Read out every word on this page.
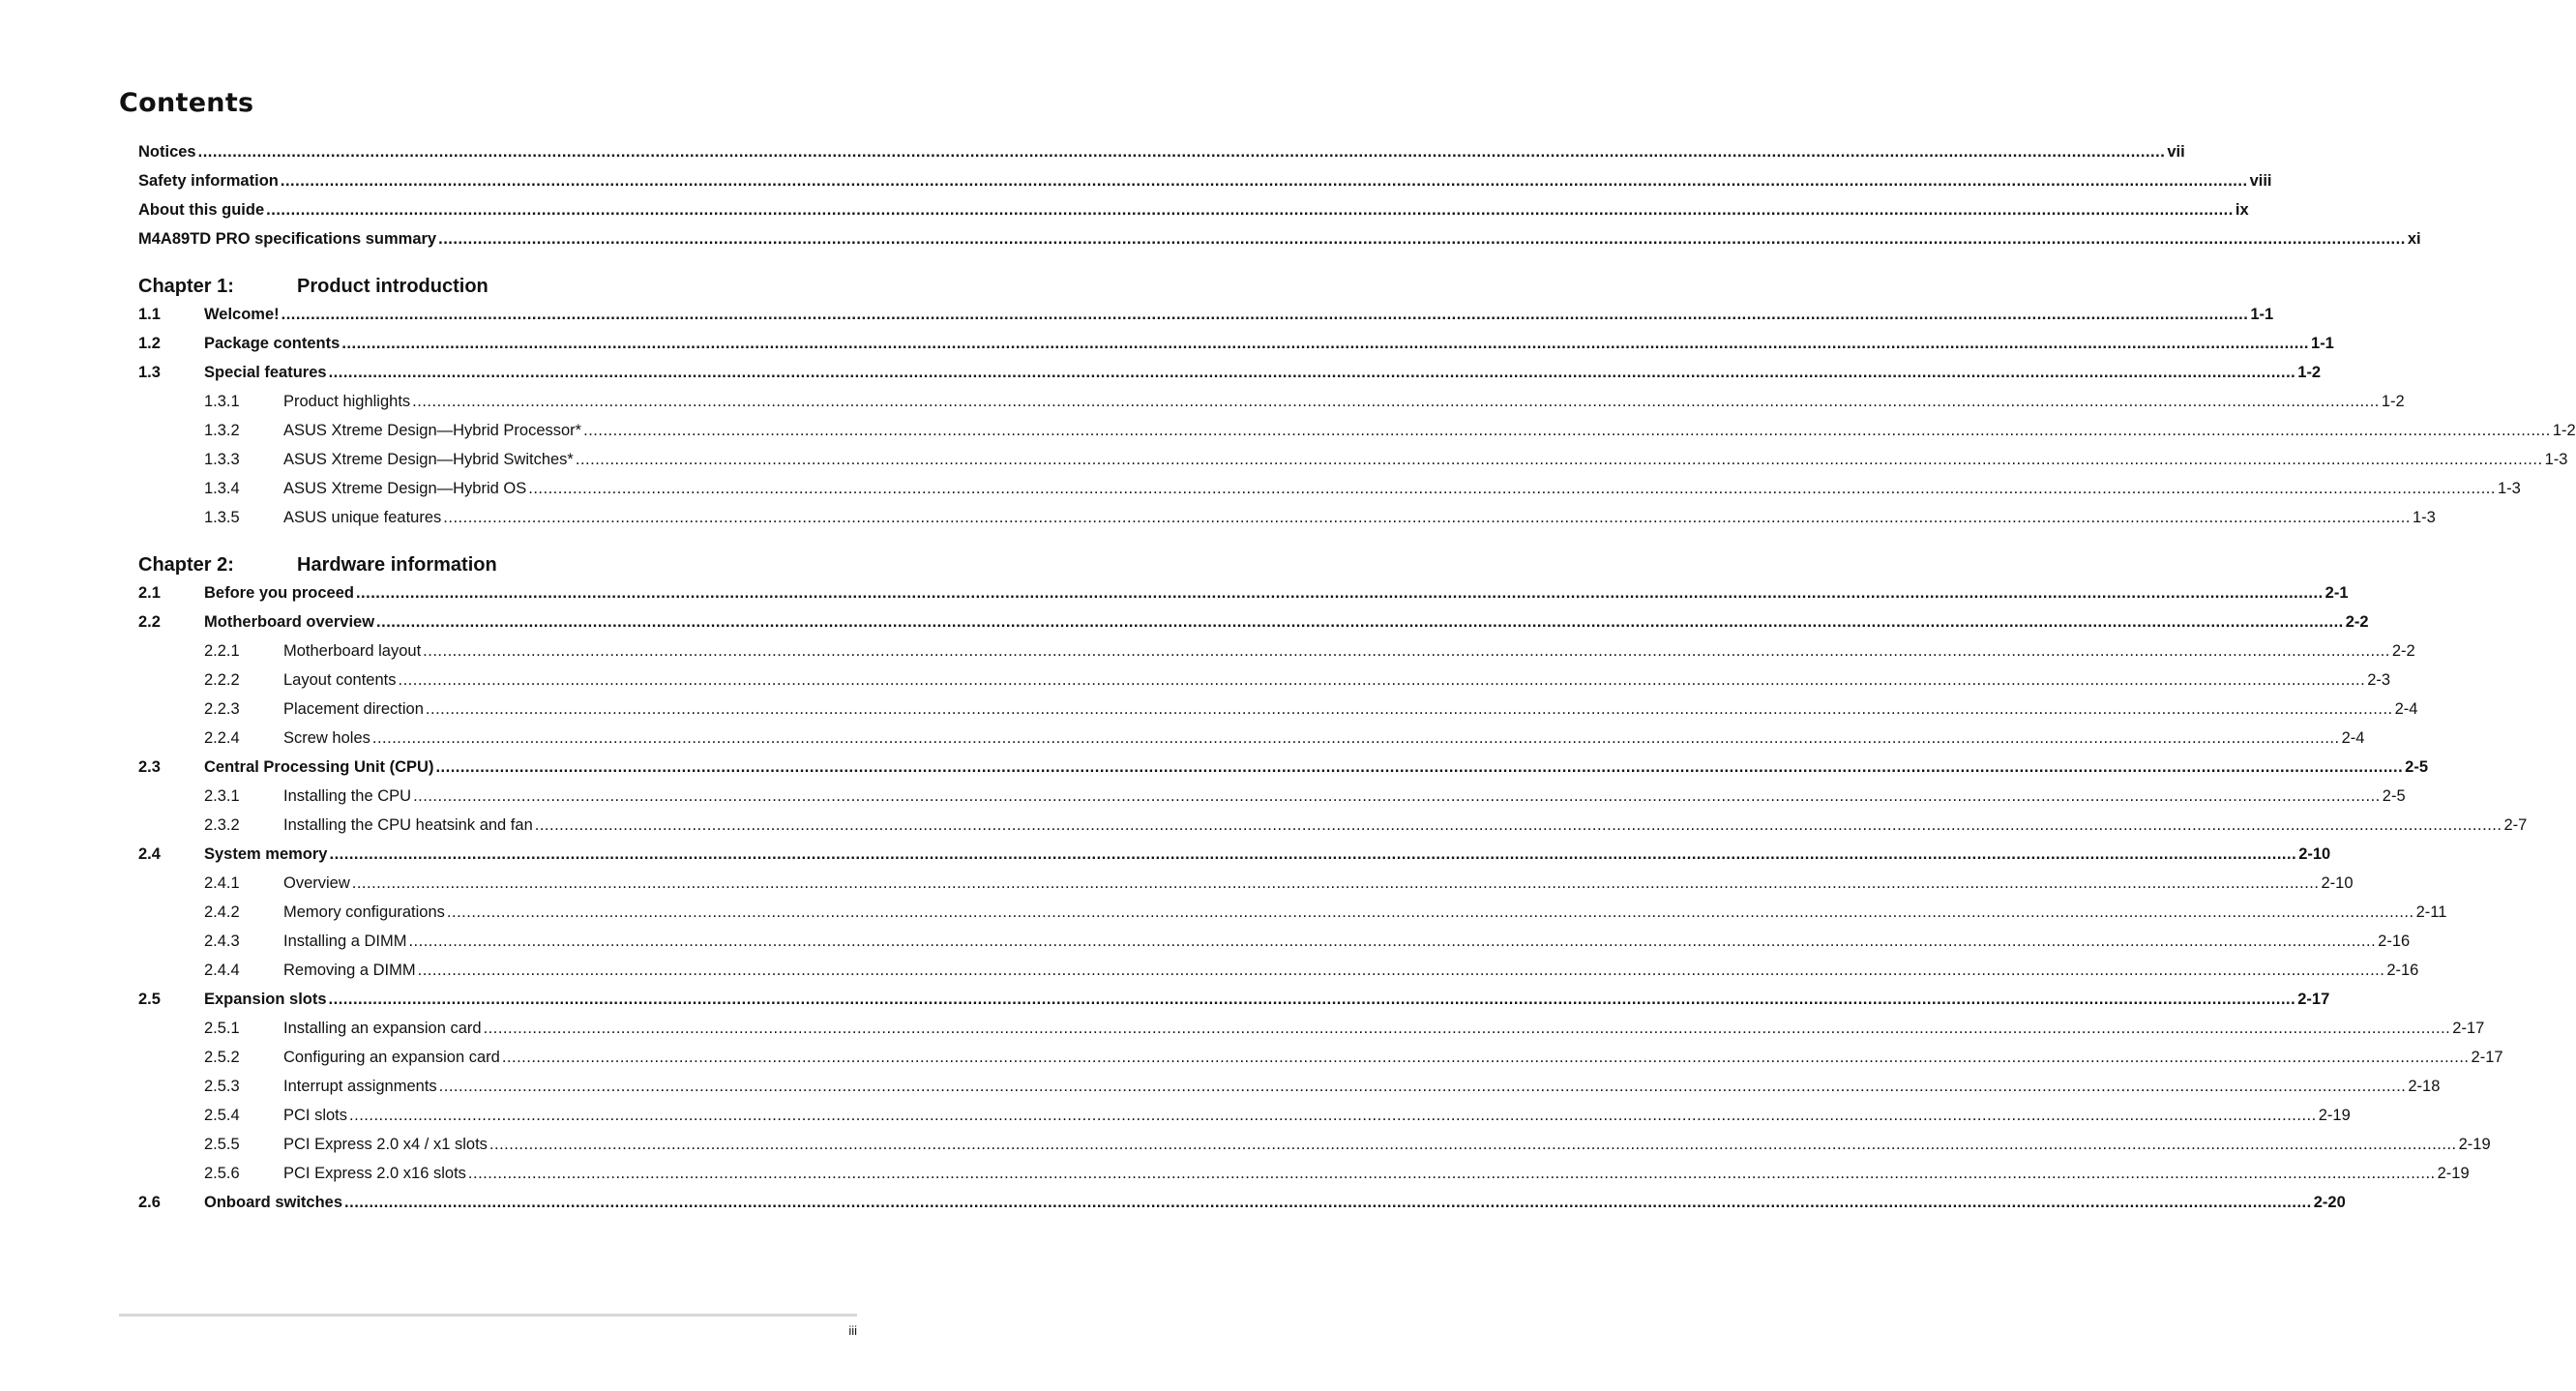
Contents
Notices ................................................................................................................................................................................................................................................................................................................................................................................................................ vii
Safety information ................................................................................................................................................................................................................................................................................................................................................................................................................ viii
About this guide ................................................................................................................................................................................................................................................................................................................................................................................................................ ix
M4A89TD PRO specifications summary ................................................................................................................................................................................................................................................................................................................................................................................................................ xi
Chapter 1:	Product introduction
1.1	Welcome! ................................................................................................................................................................................................................................................................................................................................................................................................................ 1-1
1.2	Package contents ................................................................................................................................................................................................................................................................................................................................................................................................................ 1-1
1.3	Special features ................................................................................................................................................................................................................................................................................................................................................................................................................ 1-2
1.3.1	Product highlights ................................................................................................................................................................................................................................................................................................................................................................................................................ 1-2
1.3.2	ASUS Xtreme Design—Hybrid Processor* ................................................................................................................................................................................................................................................................................................................................................................................................................ 1-2
1.3.3	ASUS Xtreme Design—Hybrid Switches* ................................................................................................................................................................................................................................................................................................................................................................................................................ 1-3
1.3.4	ASUS Xtreme Design—Hybrid OS ................................................................................................................................................................................................................................................................................................................................................................................................................ 1-3
1.3.5	ASUS unique features ................................................................................................................................................................................................................................................................................................................................................................................................................ 1-3
Chapter 2:	Hardware information
2.1	Before you proceed ................................................................................................................................................................................................................................................................................................................................................................................................................ 2-1
2.2	Motherboard overview ................................................................................................................................................................................................................................................................................................................................................................................................................ 2-2
2.2.1	Motherboard layout ................................................................................................................................................................................................................................................................................................................................................................................................................ 2-2
2.2.2	Layout contents ................................................................................................................................................................................................................................................................................................................................................................................................................ 2-3
2.2.3	Placement direction ................................................................................................................................................................................................................................................................................................................................................................................................................ 2-4
2.2.4	Screw holes ................................................................................................................................................................................................................................................................................................................................................................................................................ 2-4
2.3	Central Processing Unit (CPU) ................................................................................................................................................................................................................................................................................................................................................................................................................ 2-5
2.3.1	Installing the CPU ................................................................................................................................................................................................................................................................................................................................................................................................................ 2-5
2.3.2	Installing the CPU heatsink and fan ................................................................................................................................................................................................................................................................................................................................................................................................................ 2-7
2.4	System memory ................................................................................................................................................................................................................................................................................................................................................................................................................ 2-10
2.4.1	Overview ................................................................................................................................................................................................................................................................................................................................................................................................................ 2-10
2.4.2	Memory configurations ................................................................................................................................................................................................................................................................................................................................................................................................................ 2-11
2.4.3	Installing a DIMM ................................................................................................................................................................................................................................................................................................................................................................................................................ 2-16
2.4.4	Removing a DIMM ................................................................................................................................................................................................................................................................................................................................................................................................................ 2-16
2.5	Expansion slots ................................................................................................................................................................................................................................................................................................................................................................................................................ 2-17
2.5.1	Installing an expansion card ................................................................................................................................................................................................................................................................................................................................................................................................................ 2-17
2.5.2	Configuring an expansion card ................................................................................................................................................................................................................................................................................................................................................................................................................ 2-17
2.5.3	Interrupt assignments ................................................................................................................................................................................................................................................................................................................................................................................................................ 2-18
2.5.4	PCI slots ................................................................................................................................................................................................................................................................................................................................................................................................................ 2-19
2.5.5	PCI Express 2.0 x4 / x1 slots ................................................................................................................................................................................................................................................................................................................................................................................................................ 2-19
2.5.6	PCI Express 2.0 x16 slots ................................................................................................................................................................................................................................................................................................................................................................................................................ 2-19
2.6	Onboard switches ................................................................................................................................................................................................................................................................................................................................................................................................................ 2-20
iii
